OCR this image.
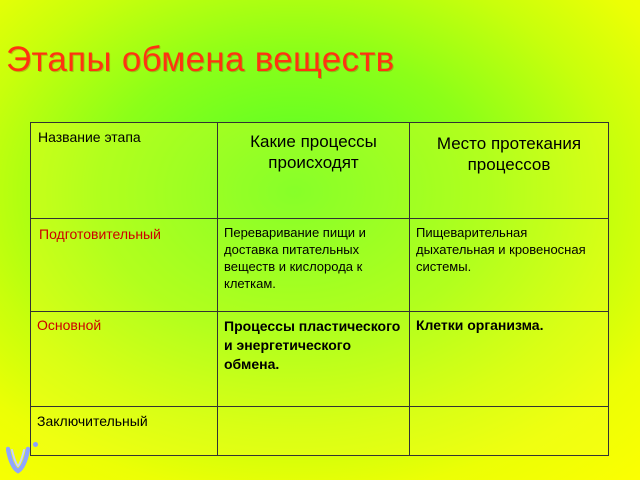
Этапы обмена веществ
Название этапа	Какие процессы происходят	Место протекания процессов

Подготовительный	Переваривание пищи и доставка питательных веществ и кислорода к клеткам.	Пищеварительная дыхательная и кровеносная системы.

Основной	Процессы пластического и энергетического обмена.	Клетки организма.

Заключительный		
